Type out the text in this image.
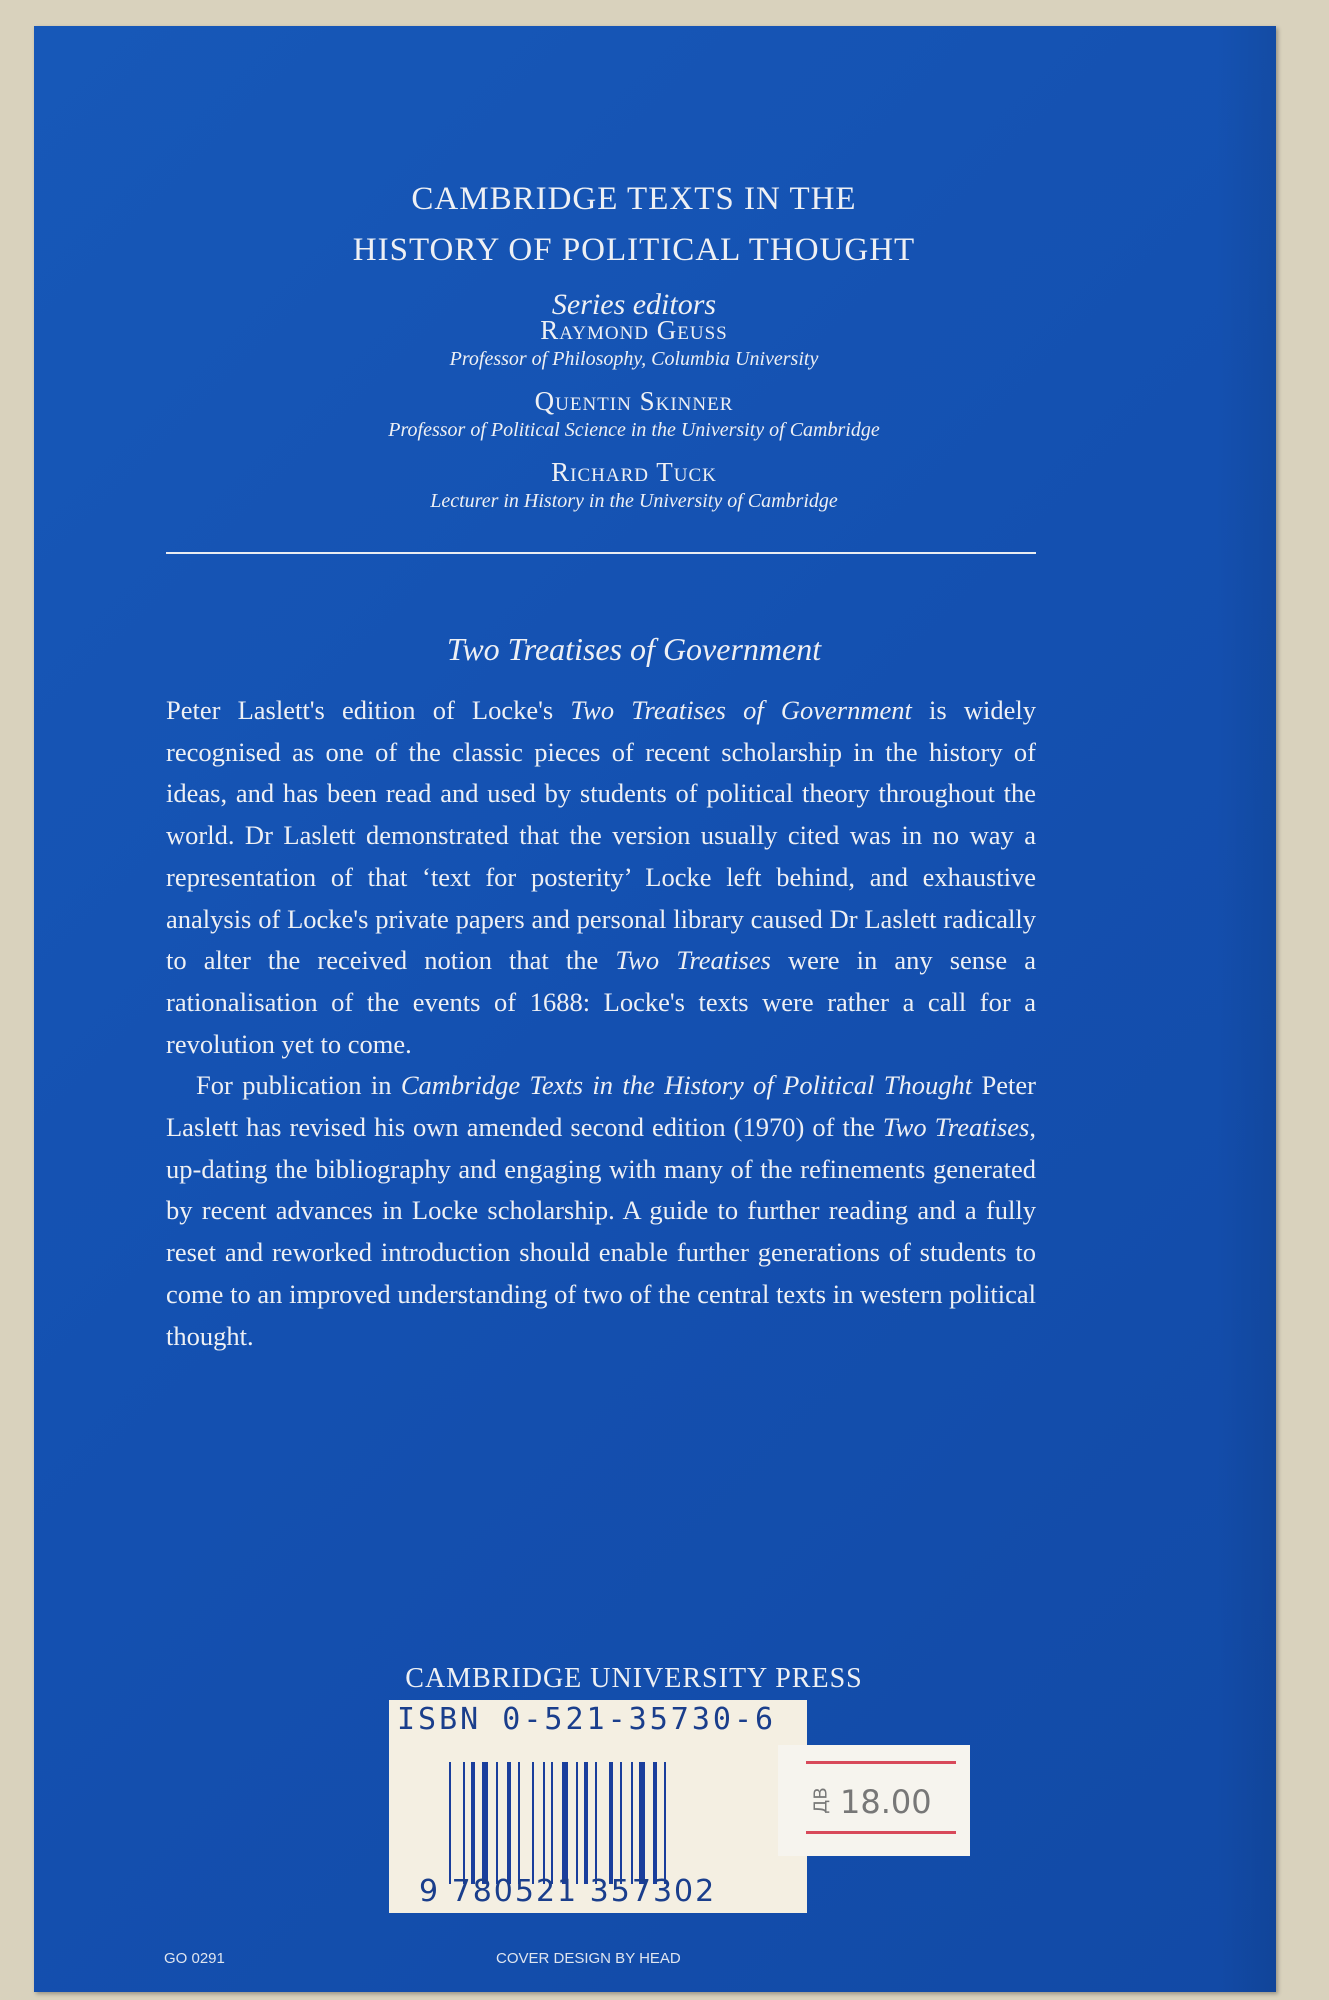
CAMBRIDGE TEXTS IN THE
HISTORY OF POLITICAL THOUGHT
Series editors
Raymond Geuss
Professor of Philosophy, Columbia University
Quentin Skinner
Professor of Political Science in the University of Cambridge
Richard Tuck
Lecturer in History in the University of Cambridge
Two Treatises of Government

Peter Laslett's edition of Locke's Two Treatises of Government is widely recognised as one of the classic pieces of recent scholarship in the history of ideas, and has been read and used by students of political theory throughout the world. Dr Laslett demonstrated that the version usually cited was in no way a representation of that ‘text for posterity’ Locke left behind, and exhaustive analysis of Locke's private papers and personal library caused Dr Laslett radically to alter the received notion that the Two Treatises were in any sense a rationalisation of the events of 1688: Locke's texts were rather a call for a revolution yet to come.

For publication in Cambridge Texts in the History of Political Thought Peter Laslett has revised his own amended second edition (1970) of the Two Treatises, up-dating the bibliography and engaging with many of the refinements generated by recent advances in Locke scholarship. A guide to further reading and a fully reset and reworked introduction should enable further generations of students to come to an improved understanding of two of the central texts in western political thought.

CAMBRIDGE UNIVERSITY PRESS
ISBN 0-521-35730-6
9 780521 357302
ДВ 18.00
GO 0291	COVER DESIGN BY HEAD
